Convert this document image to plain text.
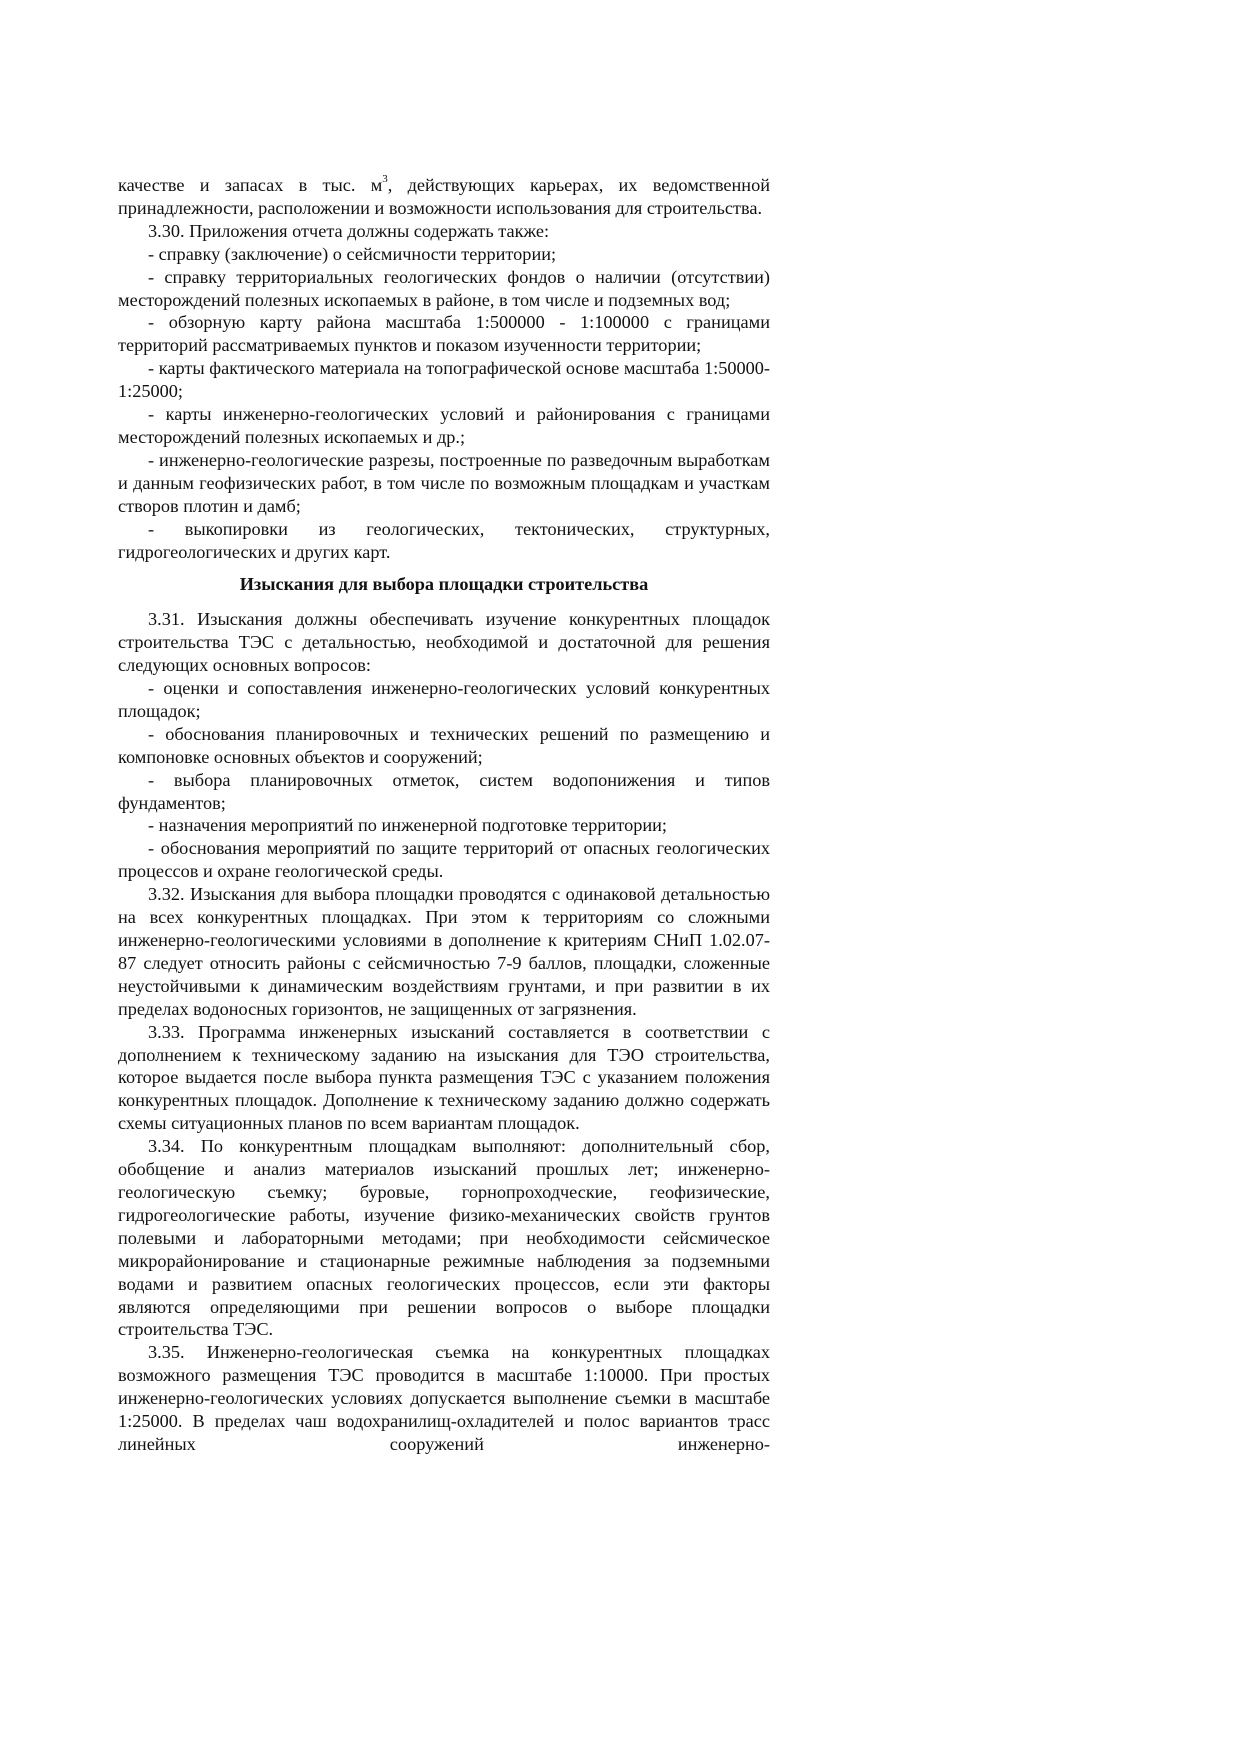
качестве и запасах в тыс. $м^3$, действующих карьерах, их ведомственной принадлежности, расположении и возможности использования для строительства.

3.30. Приложения отчета должны содержать также:

- справку (заключение) о сейсмичности территории;

- справку территориальных геологических фондов о наличии (отсутствии) месторождений полезных ископаемых в районе, в том числе и подземных вод;

- обзорную карту района масштаба 1:500000 - 1:100000 с границами территорий рассматриваемых пунктов и показом изученности территории;

- карты фактического материала на топографической основе масштаба 1:50000-1:25000;

- карты инженерно-геологических условий и районирования с границами месторождений полезных ископаемых и др.;

- инженерно-геологические разрезы, построенные по разведочным выработкам и данным геофизических работ, в том числе по возможным площадкам и участкам створов плотин и дамб;

- выкопировки из геологических, тектонических, структурных, гидрогеологических и других карт.

Изыскания для выбора площадки строительства

3.31. Изыскания должны обеспечивать изучение конкурентных площадок строительства ТЭС с детальностью, необходимой и достаточной для решения следующих основных вопросов:

- оценки и сопоставления инженерно-геологических условий конкурентных площадок;

- обоснования планировочных и технических решений по размещению и компоновке основных объектов и сооружений;

- выбора планировочных отметок, систем водопонижения и типов фундаментов;

- назначения мероприятий по инженерной подготовке территории;

- обоснования мероприятий по защите территорий от опасных геологических процессов и охране геологической среды.

3.32. Изыскания для выбора площадки проводятся с одинаковой детальностью на всех конкурентных площадках. При этом к территориям со сложными инженерно-геологическими условиями в дополнение к критериям СНиП 1.02.07-87 следует относить районы с сейсмичностью 7-9 баллов, площадки, сложенные неустойчивыми к динамическим воздействиям грунтами, и при развитии в их пределах водоносных горизонтов, не защищенных от загрязнения.

3.33. Программа инженерных изысканий составляется в соответствии с дополнением к техническому заданию на изыскания для ТЭО строительства, которое выдается после выбора пункта размещения ТЭС с указанием положения конкурентных площадок. Дополнение к техническому заданию должно содержать схемы ситуационных планов по всем вариантам площадок.

3.34. По конкурентным площадкам выполняют: дополнительный сбор, обобщение и анализ материалов изысканий прошлых лет; инженерно-геологическую съемку; буровые, горнопроходческие, геофизические, гидрогеологические работы, изучение физико-механических свойств грунтов полевыми и лабораторными методами; при необходимости сейсмическое микрорайонирование и стационарные режимные наблюдения за подземными водами и развитием опасных геологических процессов, если эти факторы являются определяющими при решении вопросов о выборе площадки строительства ТЭС.

3.35. Инженерно-геологическая съемка на конкурентных площадках возможного размещения ТЭС проводится в масштабе 1:10000. При простых инженерно-геологических условиях допускается выполнение съемки в масштабе 1:25000. В пределах чаш водохранилищ-охладителей и полос вариантов трасс линейных сооружений инженерно-
